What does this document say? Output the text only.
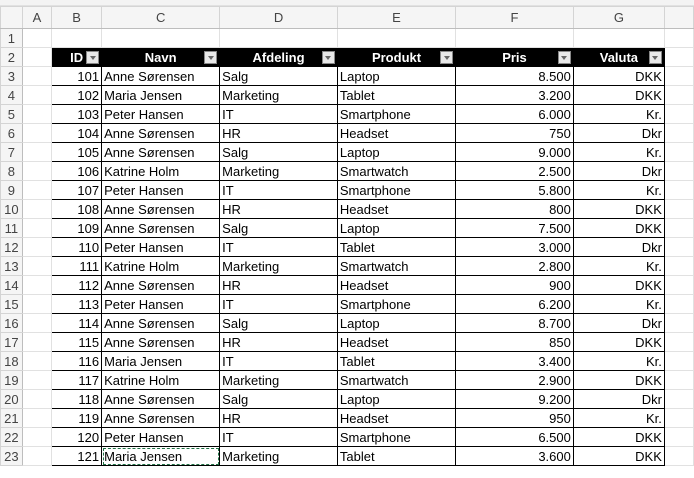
	A	B	C	D	E	F	G	
1								
2		ID	Navn	Afdeling	Produkt	Pris	Valuta

3		101	Anne Sørensen	Salg	Laptop	8.500	DKK	
4		102	Maria Jensen	Marketing	Tablet	3.200	DKK	
5		103	Peter Hansen	IT	Smartphone	6.000	Kr.	
6		104	Anne Sørensen	HR	Headset	750	Dkr	
7		105	Anne Sørensen	Salg	Laptop	9.000	Kr.	
8		106	Katrine Holm	Marketing	Smartwatch	2.500	Dkr	
9		107	Peter Hansen	IT	Smartphone	5.800	Kr.	
10		108	Anne Sørensen	HR	Headset	800	DKK	
11		109	Anne Sørensen	Salg	Laptop	7.500	DKK	
12		110	Peter Hansen	IT	Tablet	3.000	Dkr	
13		111	Katrine Holm	Marketing	Smartwatch	2.800	Kr.	
14		112	Anne Sørensen	HR	Headset	900	DKK	
15		113	Peter Hansen	IT	Smartphone	6.200	Kr.	
16		114	Anne Sørensen	Salg	Laptop	8.700	Dkr	
17		115	Anne Sørensen	HR	Headset	850	DKK	
18		116	Maria Jensen	IT	Tablet	3.400	Kr.	
19		117	Katrine Holm	Marketing	Smartwatch	2.900	DKK	
20		118	Anne Sørensen	Salg	Laptop	9.200	Dkr	
21		119	Anne Sørensen	HR	Headset	950	Kr.	
22		120	Peter Hansen	IT	Smartphone	6.500	DKK	
23		121	Maria Jensen	Marketing	Tablet	3.600	DKK	
